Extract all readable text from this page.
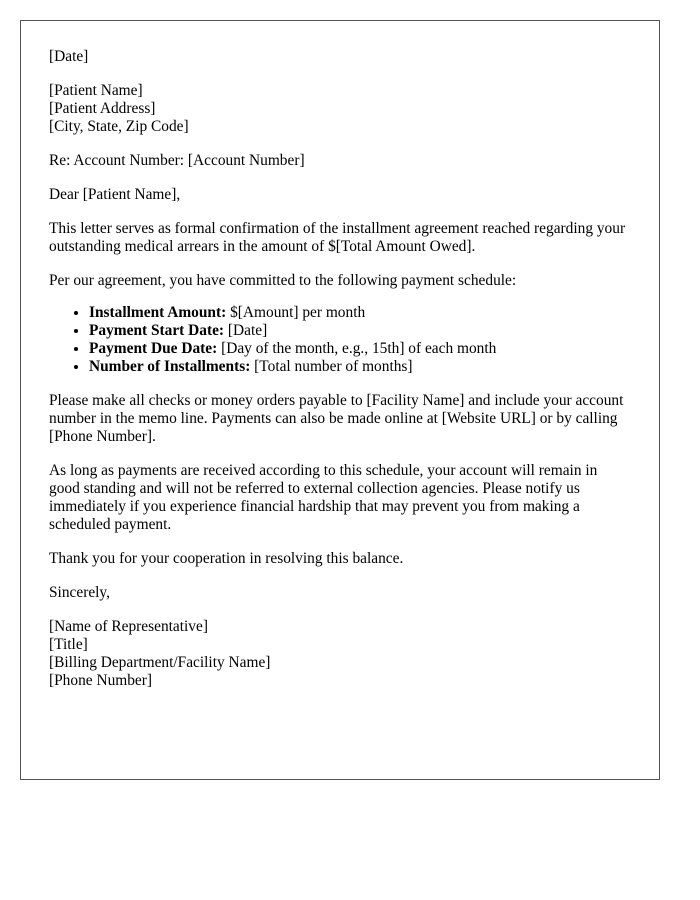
[Date]

[Patient Name]
[Patient Address]
[City, State, Zip Code]

Re: Account Number: [Account Number]

Dear [Patient Name],

This letter serves as formal confirmation of the installment agreement reached regarding your outstanding medical arrears in the amount of $[Total Amount Owed].

Per our agreement, you have committed to the following payment schedule:

• Installment Amount: $[Amount] per month
• Payment Start Date: [Date]
• Payment Due Date: [Day of the month, e.g., 15th] of each month
• Number of Installments: [Total number of months]

Please make all checks or money orders payable to [Facility Name] and include your account number in the memo line. Payments can also be made online at [Website URL] or by calling [Phone Number].

As long as payments are received according to this schedule, your account will remain in good standing and will not be referred to external collection agencies. Please notify us immediately if you experience financial hardship that may prevent you from making a scheduled payment.

Thank you for your cooperation in resolving this balance.

Sincerely,

[Name of Representative]
[Title]
[Billing Department/Facility Name]
[Phone Number]
